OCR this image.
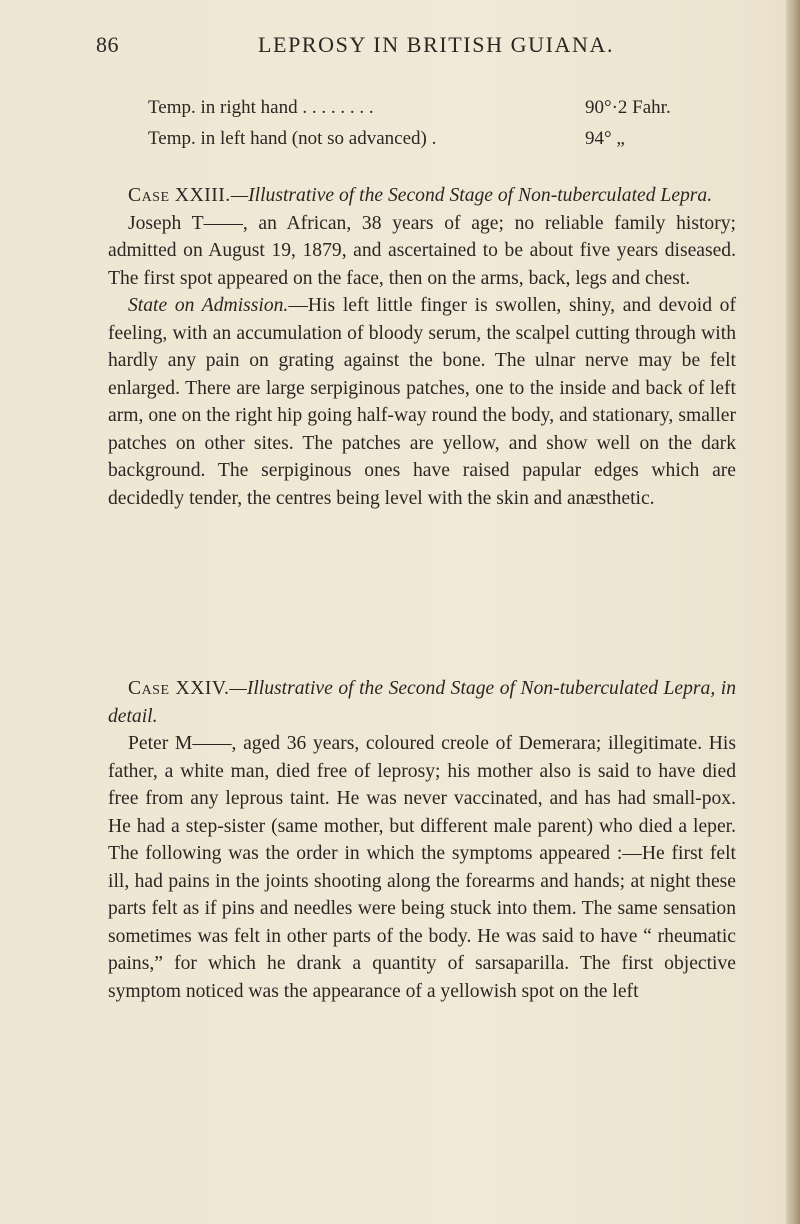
86	LEPROSY IN BRITISH GUIANA.
Temp. in right hand . . . . . . . .	90°·2 Fahr.
Temp. in left hand (not so advanced) .	94° „

Case XXIII.—Illustrative of the Second Stage of Non-tuberculated Lepra.

Joseph T——, an African, 38 years of age; no reliable family history; admitted on August 19, 1879, and ascertained to be about five years diseased. The first spot appeared on the face, then on the arms, back, legs and chest.

State on Admission.—His left little finger is swollen, shiny, and devoid of feeling, with an accumulation of bloody serum, the scalpel cutting through with hardly any pain on grating against the bone. The ulnar nerve may be felt enlarged. There are large serpiginous patches, one to the inside and back of left arm, one on the right hip going half-way round the body, and stationary, smaller patches on other sites. The patches are yellow, and show well on the dark background. The serpiginous ones have raised papular edges which are decidedly tender, the centres being level with the skin and anæsthetic.

Case XXIV.—Illustrative of the Second Stage of Non-tuberculated Lepra, in detail.

Peter M——, aged 36 years, coloured creole of Demerara; illegitimate. His father, a white man, died free of leprosy; his mother also is said to have died free from any leprous taint. He was never vaccinated, and has had small-pox. He had a step-sister (same mother, but different male parent) who died a leper. The following was the order in which the symptoms appeared :—He first felt ill, had pains in the joints shooting along the forearms and hands; at night these parts felt as if pins and needles were being stuck into them. The same sensation sometimes was felt in other parts of the body. He was said to have “ rheumatic pains,” for which he drank a quantity of sarsaparilla. The first objective symptom noticed was the appearance of a yellowish spot on the left
